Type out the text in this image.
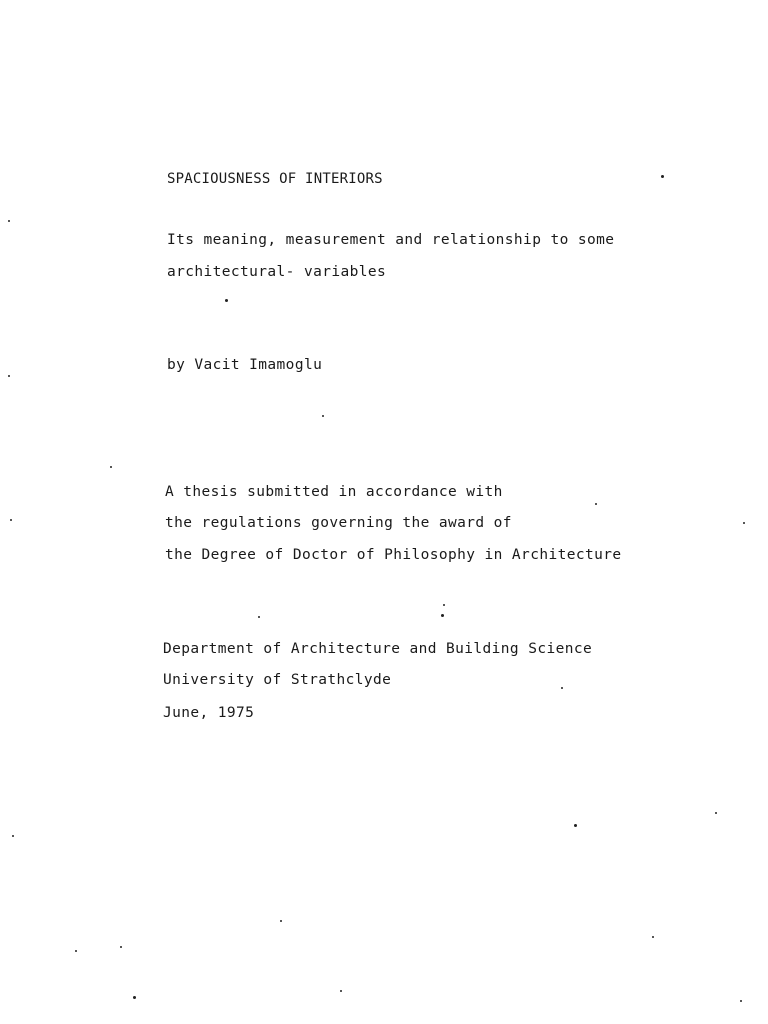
SPACIOUSNESS OF INTERIORS
Its meaning, measurement and relationship to some
architectural- variables
by Vacit Imamoglu
A thesis submitted in accordance with
the regulations governing the award of
the Degree of Doctor of Philosophy in Architecture
Department of Architecture and Building Science
University of Strathclyde
June, 1975
